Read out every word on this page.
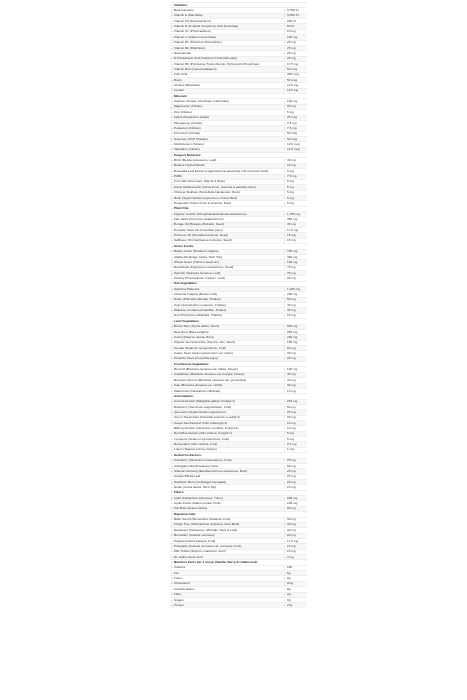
» Vitamins:
» Beta Carotene	3,750 IU
» Vitamin A (Palmitate)	3,000 IU
» Vitamin D3 (Ergocalciferol)	200 IU
» Vitamin E (D-Alpha Tocopheryl Acid Succinate)	50 IU
» Vitamin K1 (Phytonadione)	8 mcg
» Vitamin C (Calcium Ascorbate)	100 mg
» Vitamin B1 (Thiamine Mononitrate)	25 mg
» Vitamin B2 (Riboflavin)	25 mg
» Niacinamide	25 mg
» D-Pantothenic Acid (Calcium D-Pantothenate)	25 mg
» Vitamin B6 (Pyridoxine Hydrochloride, Pyridoxal-5-Phosphate)	17.5 mg
» Vitamin B12 (Cyanocobalamin)	50 mcg
» Folic Acid	300 mcg
» Biotin	50 mcg
» Choline (Bitartrate)	12.5 mg
» Inositol	12.5 mg
» Minerals:
» Calcium (Citrate, Ascorbate, Carbonate)	100 mg
» Magnesium (Citrate)	50 mg
» Zinc (Citrate)	6 mg
» Iodine (Potassium Iodide)	25 mcg
» Manganese (Citrate)	2.5 mg
» Potassium (Citrate)	7.5 mg
» Chromium (Citrate)	50 mcg
» Selenium (HVP Chelate)	50 mcg
» Molybdenum (Citrate)	12.5 mcg
» Vanadium (Citrate)	12.5 mcg
» Support Nutrients:
» Birch (Betula pubescens, Leaf)	30 mg
» Betaine Hydrochloride	10 mg
» Boswellia Leaf Extract (Lagerstroemia speciosa) (1% Corosolic Acid)	6 mg
» PABA	7.5 mg
» Corn Silk (Zea mays, Stigma & Style)	6 mg
» Citrus bioflavonoids (Citrus limon, sinensis & paradisi, Peel)	5 mg
» Chinese Skullcap (Scutellaria baicalensis, Root)	5 mg
» Rutin (Styphnolobium japonicum, Flower Bud)	5 mg
» Hesperidin (Citrus limon & sinensis, Peel)	5 mg
» Plant Oils:
» Organic Lecithin (Phosphatidylcholine/inositol/serine)	1,750 mg
» Flax Seed Oil (Linum usitatissimum)	350 mg
» Borage Oil (Borago officinalis, Seed)	45 mg
» Pumpkin Seed Oil (Cucurbita pepo)	17.5 mg
» Primrose Oil (Oenothera biennis, Seed)	15 mg
» Safflower Oil (Carthamus tinctorius, Seed)	15 mg
» Green Foods:
» Barley Grass (Hordeum vulgare)	750 mg
» Alfalfa (Medicago sativa, Herb Top)	300 mg
» Wheat Grass (Triticum aestivum)	100 mg
» Buckwheat (Fagopyrum esculentum, Seed)	75 mg
» Spinach (Spinacia oleracea, Leaf)	75 mg
» Parsley (Petroselinum crispum, Leaf)	25 mg
» Sea Vegetables:
» Spirulina Platensis	1,025 mg
» Chlorella Vulgaris (Broken Cell)	200 mg
» Dulse (Palmaria palmata, Thallus)	50 mg
» Kelp (Ascophyllum nodosum, Thallus)	40 mg
» Wakame (Undaria pinnatifida, Thallus)	30 mg
» Nori (Porphyra umbilicalis, Thallus)	15 mg
» Land Vegetables:
» Brown Rice (Oryza sativa, Seed)	900 mg
» Beet Root (Beta vulgaris)	250 mg
» Carrot (Daucus carota, Root)	200 mg
» Organic fermented Soy (Glycine max, Seed)	150 mg
» Tomato (Solanum lycopersicum, Fruit)	60 mg
» Celery Seed (Apium graveolens var. dulce)	30 mg
» Pumpkin Seed (Cucurbita pepo)	25 mg
» Cruciferous Vegetables:
» Broccoli (Brassica oleracea var. italica, Flower)	100 mg
» Cauliflower (Brassica oleracea var. botrytis, Flower)	40 mg
» Brussels Sprouts (Brassica oleracea var. gemmifera)	40 mg
» Kale (Brassica oleracea var. viridis)	30 mg
» Watercress (Nasturtium officinale)	15 mg
» Antioxidants:
» Acerola Extract (Malpighia glabra, Fruit)(4:1)	215 mg
» Blueberry (Vaccinium angustifolium, Fruit)	50 mg
» Quercetin (Styphnolobium japonicum)	25 mg
» Green Tea Extract (Camellia sinensis, Leaf)(4:1)	20 mg
» Grape Seed Extract (Vitis vinifera)(4:1)	10 mg
» Bilberry Extract (Vaccinium myrtillus, Fruit)(4:1)	10 mg
» Red Wine Extract (Vitis vinifera, Fruit)(4:1)	5 mg
» Lycopene (Solanum lycopersicum, Fruit)	5 mg
» Resveratrol (Vitis vinifera, Fruit)	2.5 mg
» Lutein (Tagetes erecta, Flower)	1 mg
» Herbal Co-Factors:
» Cranberry (Vaccinium macrocarpon, Fruit)	75 mg
» Astragalus Membranaceus Root	50 mg
» Siberian Ginseng (Eleutherococcus senticosus, Root)	25 mg
» Ginkgo Biloba Leaf	25 mg
» Hawthorn Berry (Crataegus laevigata)	20 mg
» Nettle (Urtica dioica, Herb Top)	15 mg
» Fibers:
» Inulin (Helianthus tuberosus, Tuber)	900 mg
» Apple Pectin (Malus pumila, Fruit)	105 mg
» Oat Bran (Avena sativa)	90 mg
» Digestive Aids:
» Bitter Gourd (Momordica charantia, Fruit)	30 mg
» Fringe Tree (Chionanthus virginicus, Root Bark)	30 mg
» Dandelion (Taraxacum officinale, Root & Leaf)	30 mg
» Bromelain (Ananas comosus)	20 mg
» Papaya (Carica papaya, Fruit)	17.5 mg
» Pineapple (Ananas comosus var. comosus, Fruit)	15 mg
» Milk Thistle (Silybum marianum, Fruit)	10 mg
» DL-Alpha Lipoic Acid	3 mg
» Nutrition Facts per 1 scoop (Vanilla, Berry & Unflavored):
» Calories	180
» Fat	5g
» Trans	0g
» Cholesterol	0mg
» Carbohydrates	8g
» Fibre	2g
» Sugars	0g
» Protein	27g
